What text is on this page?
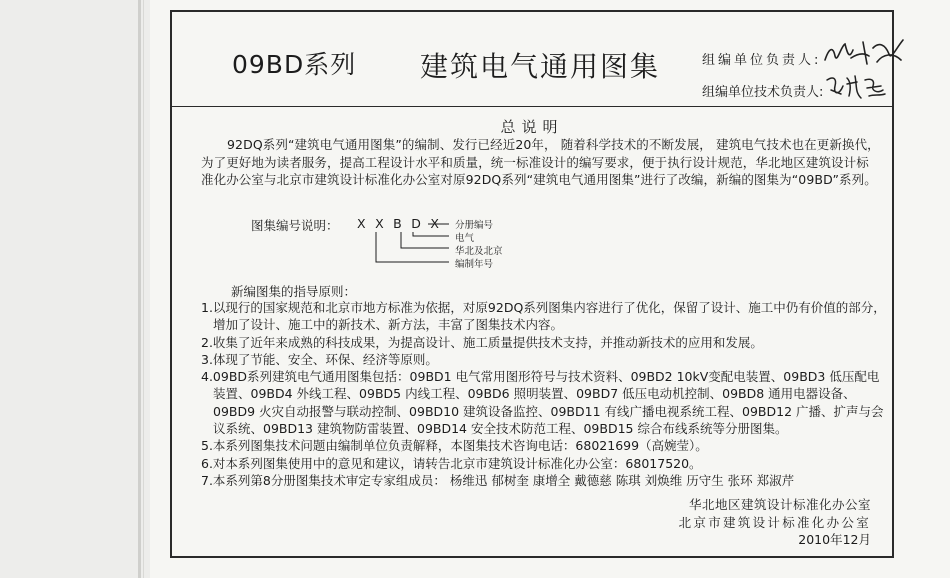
09BD系列 建筑电气通用图集	组编单位负责人:
组编单位技术负责人:
总说明
92DQ系列“建筑电气通用图集”的编制、发行已经近20年， 随着科学技术的不断发展， 建筑电气技术也在更新换代，为了更好地为读者服务，提高工程设计水平和质量，统一标准设计的编写要求，便于执行设计规范，华北地区建筑设计标准化办公室与北京市建筑设计标准化办公室对原92DQ系列“建筑电气通用图集”进行了改编，新编的图集为“09BD”系列。
图集编号说明： XXBDX 分册编号
电气
华北及北京
编制年号
新编图集的指导原则：
1.以现行的国家规范和北京市地方标准为依据，对原92DQ系列图集内容进行了优化，保留了设计、施工中仍有价值的部分，增加了设计、施工中的新技术、新方法，丰富了图集技术内容。
2.收集了近年来成熟的科技成果，为提高设计、施工质量提供技术支持，并推动新技术的应用和发展。
3.体现了节能、安全、环保、经济等原则。
4.09BD系列建筑电气通用图集包括：09BD1 电气常用图形符号与技术资料、09BD2 10kV变配电装置、09BD3 低压配电装置、09BD4 外线工程、09BD5 内线工程、09BD6 照明装置、09BD7 低压电动机控制、09BD8 通用电器设备、09BD9 火灾自动报警与联动控制、09BD10 建筑设备监控、09BD11 有线广播电视系统工程、09BD12 广播、扩声与会议系统、09BD13 建筑物防雷装置、09BD14 安全技术防范工程、09BD15 综合布线系统等分册图集。
5.本系列图集技术问题由编制单位负责解释，本图集技术咨询电话：68021699（高婉莹）。
6.对本系列图集使用中的意见和建议，请转告北京市建筑设计标准化办公室：68017520。
7.本系列第8分册图集技术审定专家组成员： 杨维迅 郁树奎 康增全 戴德慈 陈琪 刘焕维 历守生 张环 郑淑芹
华北地区建筑设计标准化办公室
北京市建筑设计标准化办公室
2010年12月
